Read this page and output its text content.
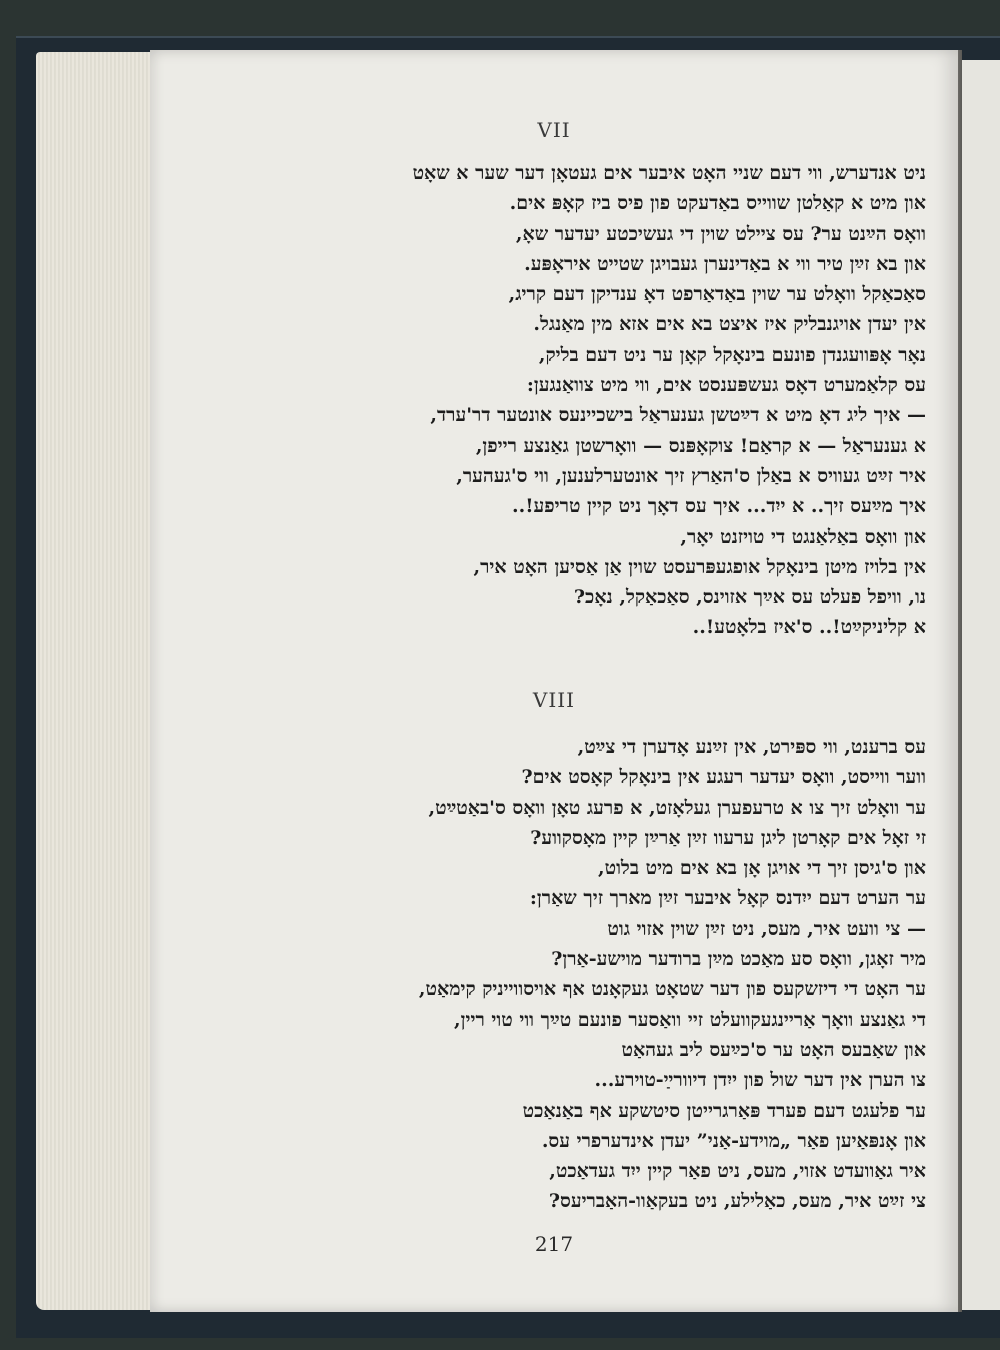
VII
ניט אנדערש, ווי דעם שניי האָט איבער אים געטאָן דער שער א שאָט
און מיט א קאַלטן שווייס באַדעקט פון פיס ביז קאָפּ אים.
וואָס הײַנט ער? עס ציילט שוין די געשיכטע יעדער שאָ,
און בא זײַן טיר ווי א באַדינערן געבויגן שטייט איראָפּע.
סאַכאַקל וואָלט ער שוין באַדאַרפט דאָ ענדיקן דעם קריג,
אין יעדן אויגנבליק איז איצט בא אים אזא מין מאַנגל.
נאָר אָפּוועגנדן פונעם בינאָקל קאָן ער ניט דעם בליק,
עס קלאַמערט דאָס געשפּענסט אים, ווי מיט צוואַנגען:
— איך ליג דאָ מיט א דײַטשן גענעראַל בישכיינעס אונטער דר'ערד,
א גענעראַל — א קראַם! צוקאָפּנס — וואָרשטן גאַנצע רייפן,
איר זײַט געוויס א באַלן ס'האַרץ זיך אונטערלענען, ווי ס'געהער,
איך מײַעס זיך.. א ייִד... איך עס דאָך ניט קיין טריפע!..
און וואָס באַלאַנגט די טויזנט יאָר,
אין בלויז מיטן בינאָקל אופגעפּרעסט שוין אַן אַסיען האָט איר,
נו, וויפל פעלט עס אײַך אזוינס, סאַכאַקל, נאָכ?
א קליניקײַט!.. ס'איז בלאָטע!..
VIII
עס ברענט, ווי ספּירט, אין זײַנע אָדערן די צײַט,
ווער ווייסט, וואָס יעדער רעגע אין בינאָקל קאָסט אים?
ער וואָלט זיך צו א טרעפערן געלאָזט, א פרעג טאָן וואָס ס'באַטײַט,
זי זאָל אים קאָרטן ליגן ערעוו זײַן אַרײַן קיין מאָסקווע?
און ס'גיסן זיך די אויגן אָן בא אים מיט בלוט,
ער הערט דעם ייִדנס קאָל איבער זײַן מארך זיך שאַרן:
— צי וועט איר, מעס, ניט זײַן שוין אזוי גוט
מיר זאָגן, וואָס סע מאַכט מײַן ברודער מוישע-אַרן?
ער האָט די דיזשקעס פון דער שטאָט געקאָנט אף אויסווייניק קימאַט,
די גאַנצע וואָך אַריינגעקוועלט זיי וואַסער פונעם טײַך ווי טוי ריין,
און שאַבעס האָט ער ס'כײַעס ליב געהאַט
צו הערן אין דער שול פון ייִדן דיוורײַ-טוירע...
ער פלעגט דעם פערד פּאַרגרייטן סיטשקע אף באַנאַכט
און אָנפּאַיען פאַר „מוידע-אַני” יעדן אינדערפרי עס.
איר גאַוועדט אזוי, מעס, ניט פאַר קיין ייִד געדאַכט,
צי זײַט איר, מעס, כאַלילע, ניט בעקאַוו-האַבריעס?
217
